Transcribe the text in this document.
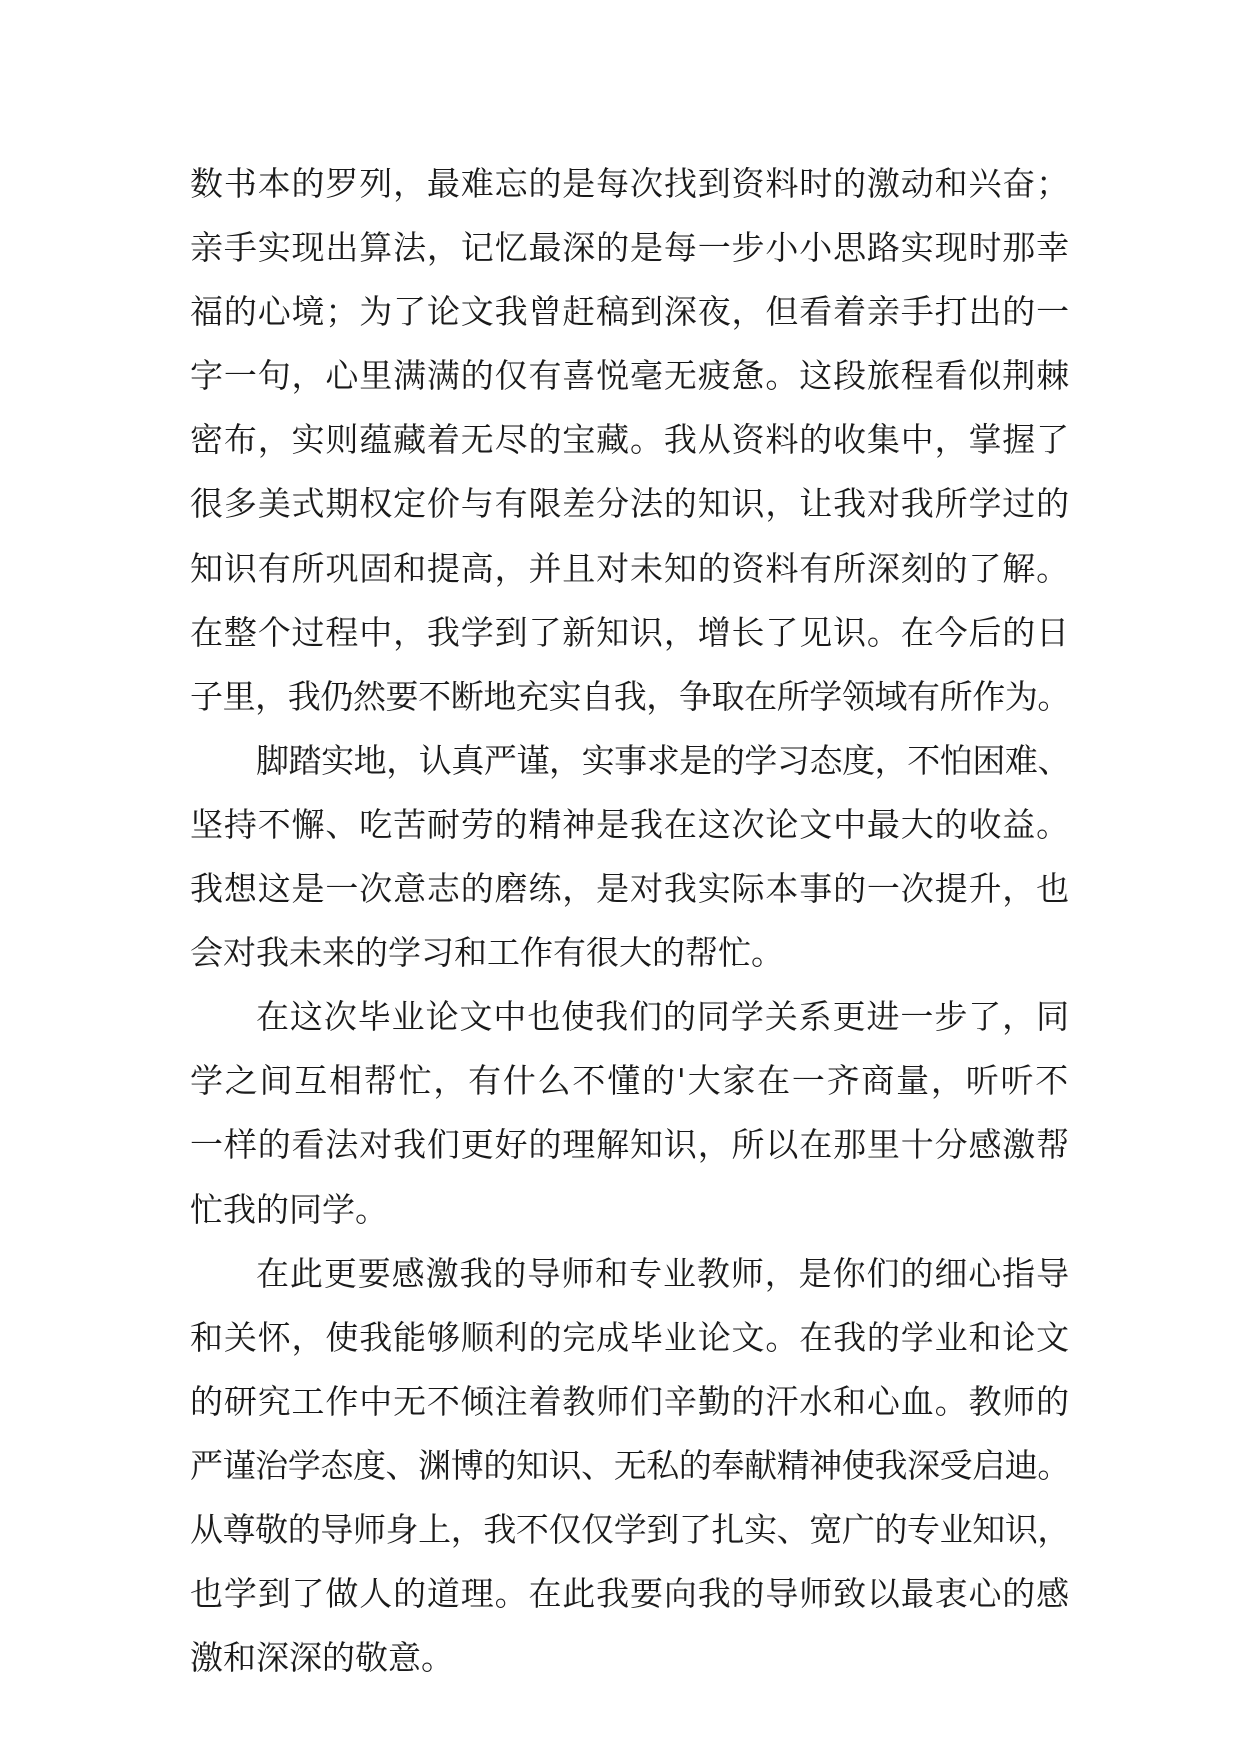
数书本的罗列，最难忘的是每次找到资料时的激动和兴奋；
亲手实现出算法，记忆最深的是每一步小小思路实现时那幸
福的心境；为了论文我曾赶稿到深夜，但看着亲手打出的一
字一句，心里满满的仅有喜悦毫无疲惫。这段旅程看似荆棘
密布，实则蕴藏着无尽的宝藏。我从资料的收集中，掌握了
很多美式期权定价与有限差分法的知识，让我对我所学过的
知识有所巩固和提高，并且对未知的资料有所深刻的了解。
在整个过程中，我学到了新知识，增长了见识。在今后的日
子里，我仍然要不断地充实自我，争取在所学领域有所作为。
脚踏实地，认真严谨，实事求是的学习态度，不怕困难、
坚持不懈、吃苦耐劳的精神是我在这次论文中最大的收益。
我想这是一次意志的磨练，是对我实际本事的一次提升，也
会对我未来的学习和工作有很大的帮忙。
在这次毕业论文中也使我们的同学关系更进一步了，同
学之间互相帮忙，有什么不懂的'大家在一齐商量，听听不
一样的看法对我们更好的理解知识，所以在那里十分感激帮
忙我的同学。
在此更要感激我的导师和专业教师，是你们的细心指导
和关怀，使我能够顺利的完成毕业论文。在我的学业和论文
的研究工作中无不倾注着教师们辛勤的汗水和心血。教师的
严谨治学态度、渊博的知识、无私的奉献精神使我深受启迪。
从尊敬的导师身上，我不仅仅学到了扎实、宽广的专业知识，
也学到了做人的道理。在此我要向我的导师致以最衷心的感
激和深深的敬意。
